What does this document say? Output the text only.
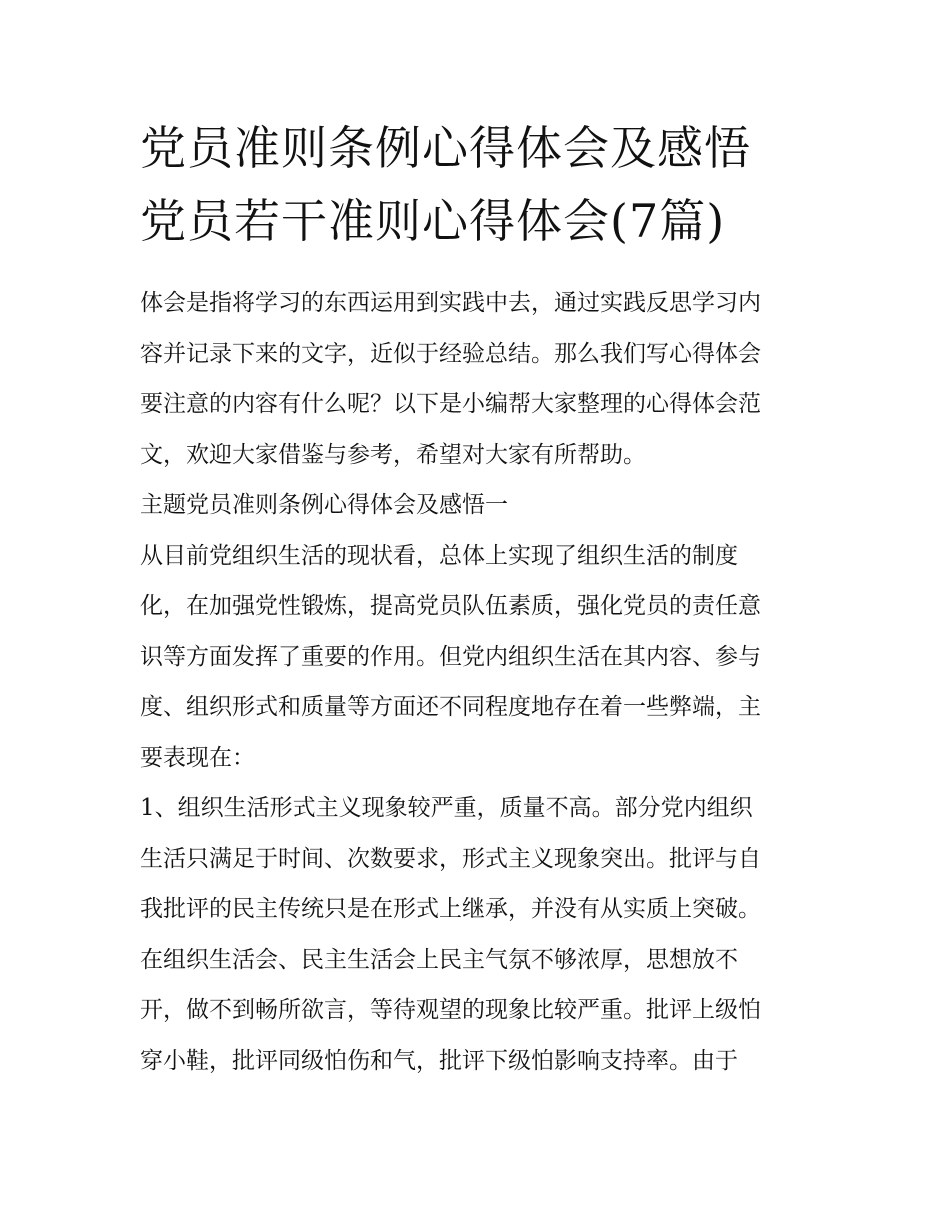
党员准则条例心得体会及感悟
党员若干准则心得体会(7篇)

体会是指将学习的东西运用到实践中去，通过实践反思学习内
容并记录下来的文字，近似于经验总结。那么我们写心得体会
要注意的内容有什么呢？以下是小编帮大家整理的心得体会范
文，欢迎大家借鉴与参考，希望对大家有所帮助。

主题党员准则条例心得体会及感悟一

从目前党组织生活的现状看，总体上实现了组织生活的制度
化，在加强党性锻炼，提高党员队伍素质，强化党员的责任意
识等方面发挥了重要的作用。但党内组织生活在其内容、参与
度、组织形式和质量等方面还不同程度地存在着一些弊端，主
要表现在：

1、组织生活形式主义现象较严重，质量不高。部分党内组织
生活只满足于时间、次数要求，形式主义现象突出。批评与自
我批评的民主传统只是在形式上继承，并没有从实质上突破。
在组织生活会、民主生活会上民主气氛不够浓厚，思想放不
开，做不到畅所欲言，等待观望的现象比较严重。批评上级怕
穿小鞋，批评同级怕伤和气，批评下级怕影响支持率。由于
